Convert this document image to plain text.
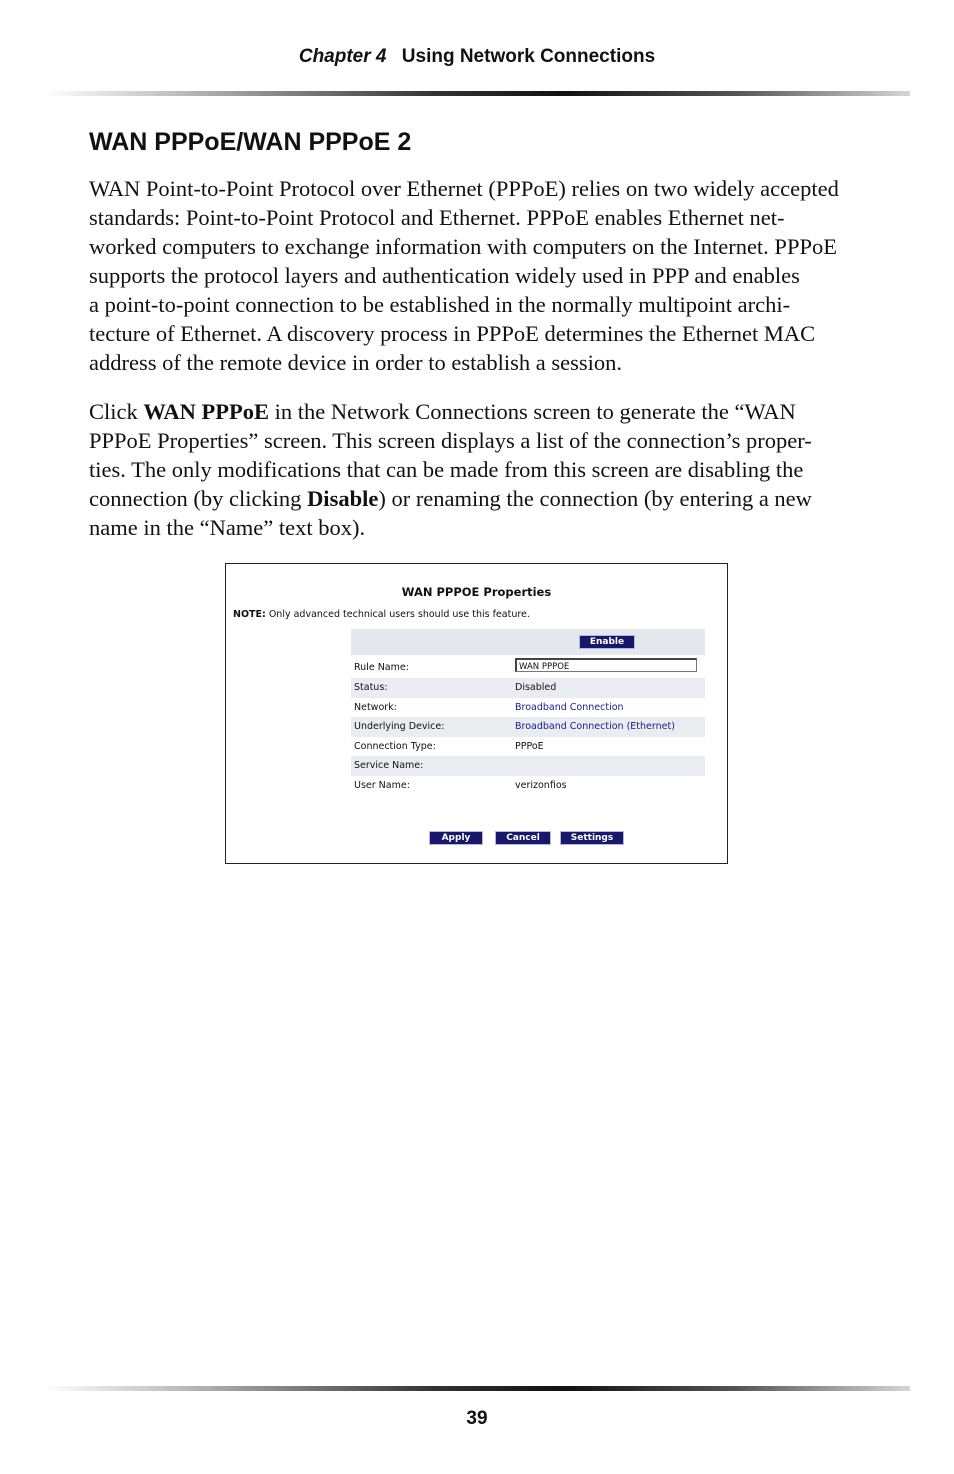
Chapter 4 Using Network Connections
WAN PPPoE/WAN PPPoE 2

WAN Point-to-Point Protocol over Ethernet (PPPoE) relies on two widely accepted
standards: Point-to-Point Protocol and Ethernet. PPPoE enables Ethernet net-
worked computers to exchange information with computers on the Internet. PPPoE
supports the protocol layers and authentication widely used in PPP and enables
a point-to-point connection to be established in the normally multipoint archi-
tecture of Ethernet. A discovery process in PPPoE determines the Ethernet MAC
address of the remote device in order to establish a session.

Click WAN PPPoE in the Network Connections screen to generate the “WAN
PPPoE Properties” screen. This screen displays a list of the connection’s proper-
ties. The only modifications that can be made from this screen are disabling the
connection (by clicking Disable) or renaming the connection (by entering a new
name in the “Name” text box).

WAN PPPOE Properties
NOTE: Only advanced technical users should use this feature.
Enable
Rule Name:	WAN PPPOE
Status:	Disabled
Network:	Broadband Connection
Underlying Device:	Broadband Connection (Ethernet)
Connection Type:	PPPoE
Service Name:
User Name:	verizonfios
Apply	Cancel	Settings
39
